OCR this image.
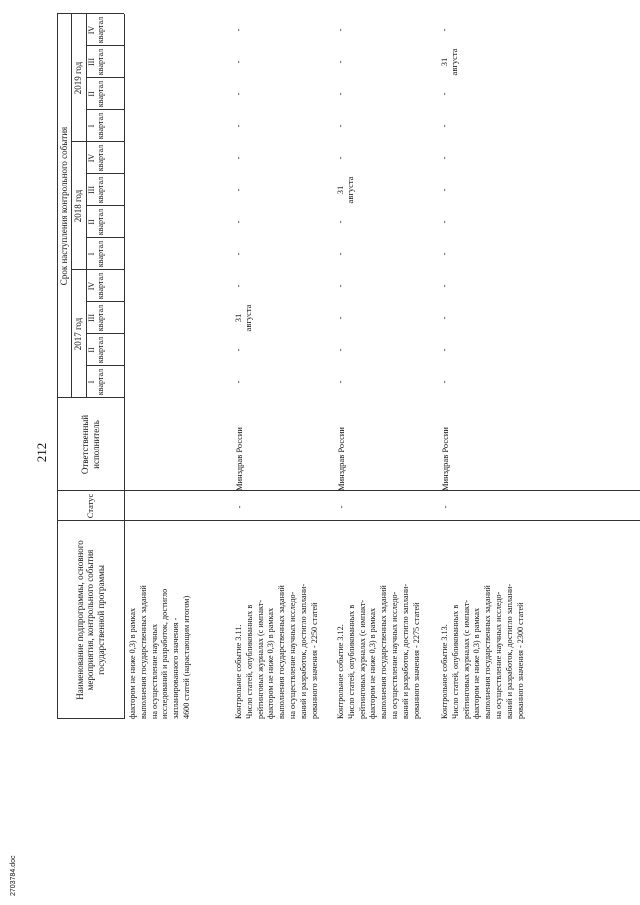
212
Наименование подпрограммы, основного мероприятия, контрольного события государственной программы
Статус
Ответственный исполнитель
Срок наступления контрольного события
2017 год
2018 год
2019 год
I
квартал
II
квартал
III
квартал
IV
квартал
I
квартал
II
квартал
III
квартал
IV
квартал
I
квартал
II
квартал
III
квартал
IV
квартал
фактором не ниже 0,3) в рамках
выполнения государственных заданий
на осуществление научных
исследований и разработок, достигло
запланированного значения -
4600 статей (нарастающим итогом)
Контрольное событие 3.11.
Число статей, опубликованных в
рейтинговых журналах (с импакт-
фактором не ниже 0,3) в рамках
выполнения государственных заданий
на осуществление научных исследо-
ваний и разработок, достигло заплани-
рованного значения - 2250 статей
-
Минздрав России
-
-
31
августа
-
-
-
-
-
-
-
-
-
Контрольное событие 3.12.
Число статей, опубликованных в
рейтинговых журналах (с импакт-
фактором не ниже 0,3) в рамках
выполнения государственных заданий
на осуществление научных исследо-
ваний и разработок, достигло заплани-
рованного значения - 2275 статей
-
Минздрав России
-
-
-
-
-
-
31
августа
-
-
-
-
-
Контрольное событие 3.13.
Число статей, опубликованных в
рейтинговых журналах (с импакт-
фактором не ниже 0,3) в рамках
выполнения государственных заданий
на осуществление научных исследо-
ваний и разработок, достигло заплани-
рованного значения - 2300 статей
-
Минздрав России
-
-
-
-
-
-
-
-
-
-
31
августа
-
2703784.doc
